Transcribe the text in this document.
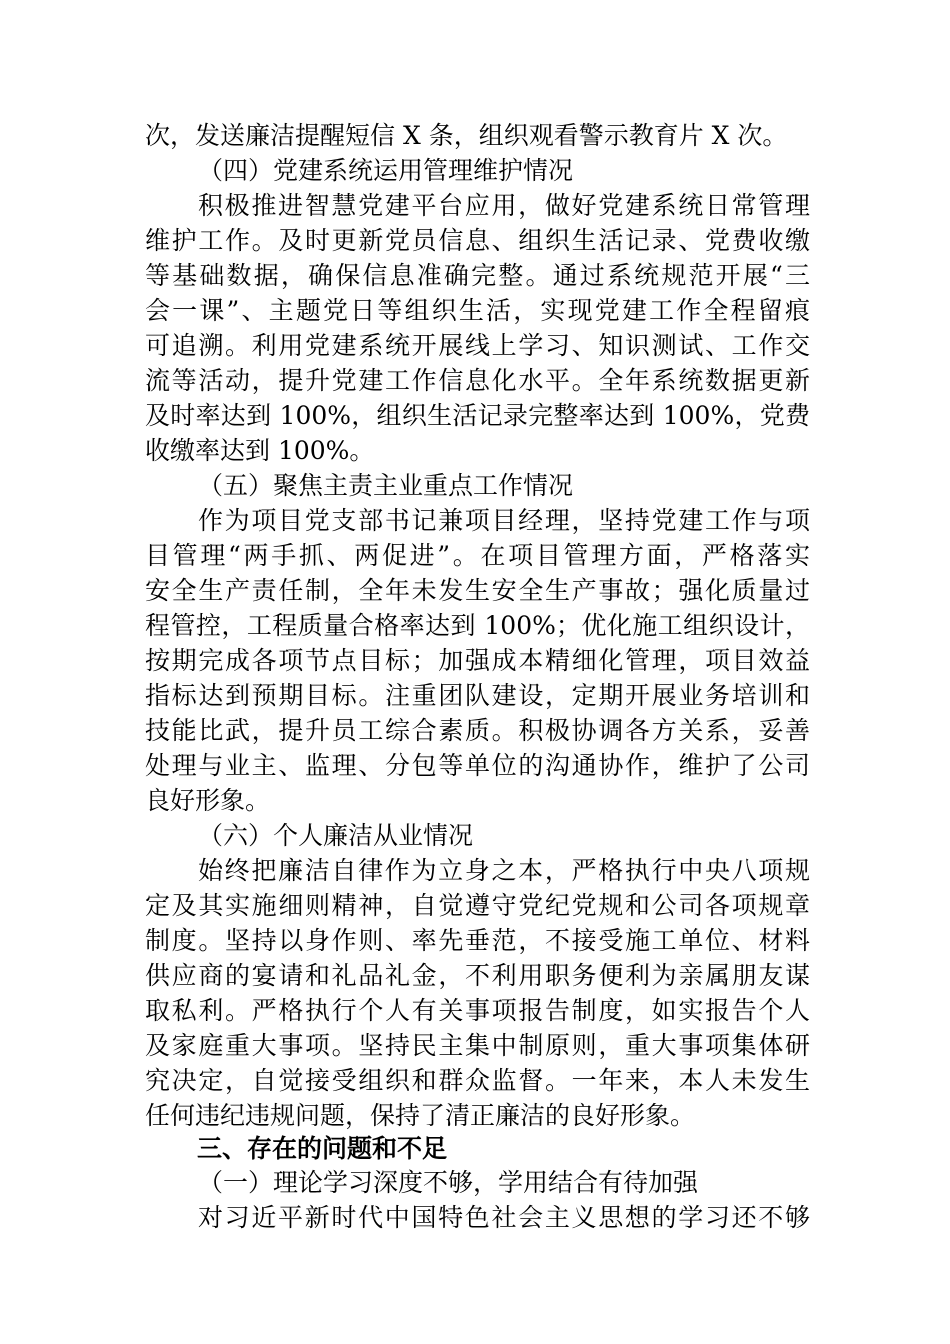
次，发送廉洁提醒短信 X 条，组织观看警示教育片 X 次。
（四）党建系统运用管理维护情况
积极推进智慧党建平台应用，做好党建系统日常管理
维护工作。及时更新党员信息、组织生活记录、党费收缴
等基础数据，确保信息准确完整。通过系统规范开展“三
会一课”、主题党日等组织生活，实现党建工作全程留痕
可追溯。利用党建系统开展线上学习、知识测试、工作交
流等活动，提升党建工作信息化水平。全年系统数据更新
及时率达到 100%，组织生活记录完整率达到 100%，党费
收缴率达到 100%。
（五）聚焦主责主业重点工作情况
作为项目党支部书记兼项目经理，坚持党建工作与项
目管理“两手抓、两促进”。在项目管理方面，严格落实
安全生产责任制，全年未发生安全生产事故；强化质量过
程管控，工程质量合格率达到 100%；优化施工组织设计，
按期完成各项节点目标；加强成本精细化管理，项目效益
指标达到预期目标。注重团队建设，定期开展业务培训和
技能比武，提升员工综合素质。积极协调各方关系，妥善
处理与业主、监理、分包等单位的沟通协作，维护了公司
良好形象。
（六）个人廉洁从业情况
始终把廉洁自律作为立身之本，严格执行中央八项规
定及其实施细则精神，自觉遵守党纪党规和公司各项规章
制度。坚持以身作则、率先垂范，不接受施工单位、材料
供应商的宴请和礼品礼金，不利用职务便利为亲属朋友谋
取私利。严格执行个人有关事项报告制度，如实报告个人
及家庭重大事项。坚持民主集中制原则，重大事项集体研
究决定，自觉接受组织和群众监督。一年来，本人未发生
任何违纪违规问题，保持了清正廉洁的良好形象。
三、存在的问题和不足
（一）理论学习深度不够，学用结合有待加强
对习近平新时代中国特色社会主义思想的学习还不够
